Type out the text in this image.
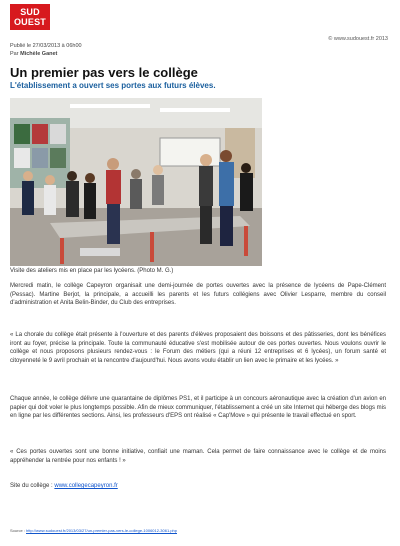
SUD
OUEST
© www.sudouest.fr 2013
Publié le 27/03/2013 à 06h00
Par Michèle Ganet
Un premier pas vers le collège
L'établissement a ouvert ses portes aux futurs élèves.
Visite des ateliers mis en place par les lycéens. (Photo M. G.)

Mercredi matin, le collège Capeyron organisait une demi-journée de portes ouvertes avec la présence de lycéens de Pape-Clément (Pessac). Martine Berjot, la principale, a accueilli les parents et les futurs collégiens avec Olivier Lesparre, membre du conseil d'administration et Anita Belin-Binder, du Club des entreprises.

« La chorale du collège était présente à l'ouverture et des parents d'élèves proposaient des boissons et des pâtisseries, dont les bénéfices iront au foyer, précise la principale. Toute la communauté éducative s'est mobilisée autour de ces portes ouvertes. Nous voulons ouvrir le collège et nous proposons plusieurs rendez-vous : le Forum des métiers (qui a réuni 12 entreprises et 6 lycées), un forum santé et citoyenneté le 9 avril prochain et la rencontre d'aujourd'hui. Nous avons voulu établir un lien avec le primaire et les lycées. »

Chaque année, le collège délivre une quarantaine de diplômes PS1, et il participe à un concours aéronautique avec la création d'un avion en papier qui doit voler le plus longtemps possible. Afin de mieux communiquer, l'établissement a créé un site Internet qui héberge des blogs mis en ligne par les différentes sections. Ainsi, les professeurs d'EPS ont réalisé « Cap'Move » qui présente le travail effectué en sport.

« Ces portes ouvertes sont une bonne initiative, confiait une maman. Cela permet de faire connaissance avec le collège et de moins appréhender la rentrée pour nos enfants ! »

Site du collège : www.collegecapeyron.fr

Source : http://www.sudouest.fr/2013/03/27/un-premier-pas-vers-le-college-1006012-3061.php
